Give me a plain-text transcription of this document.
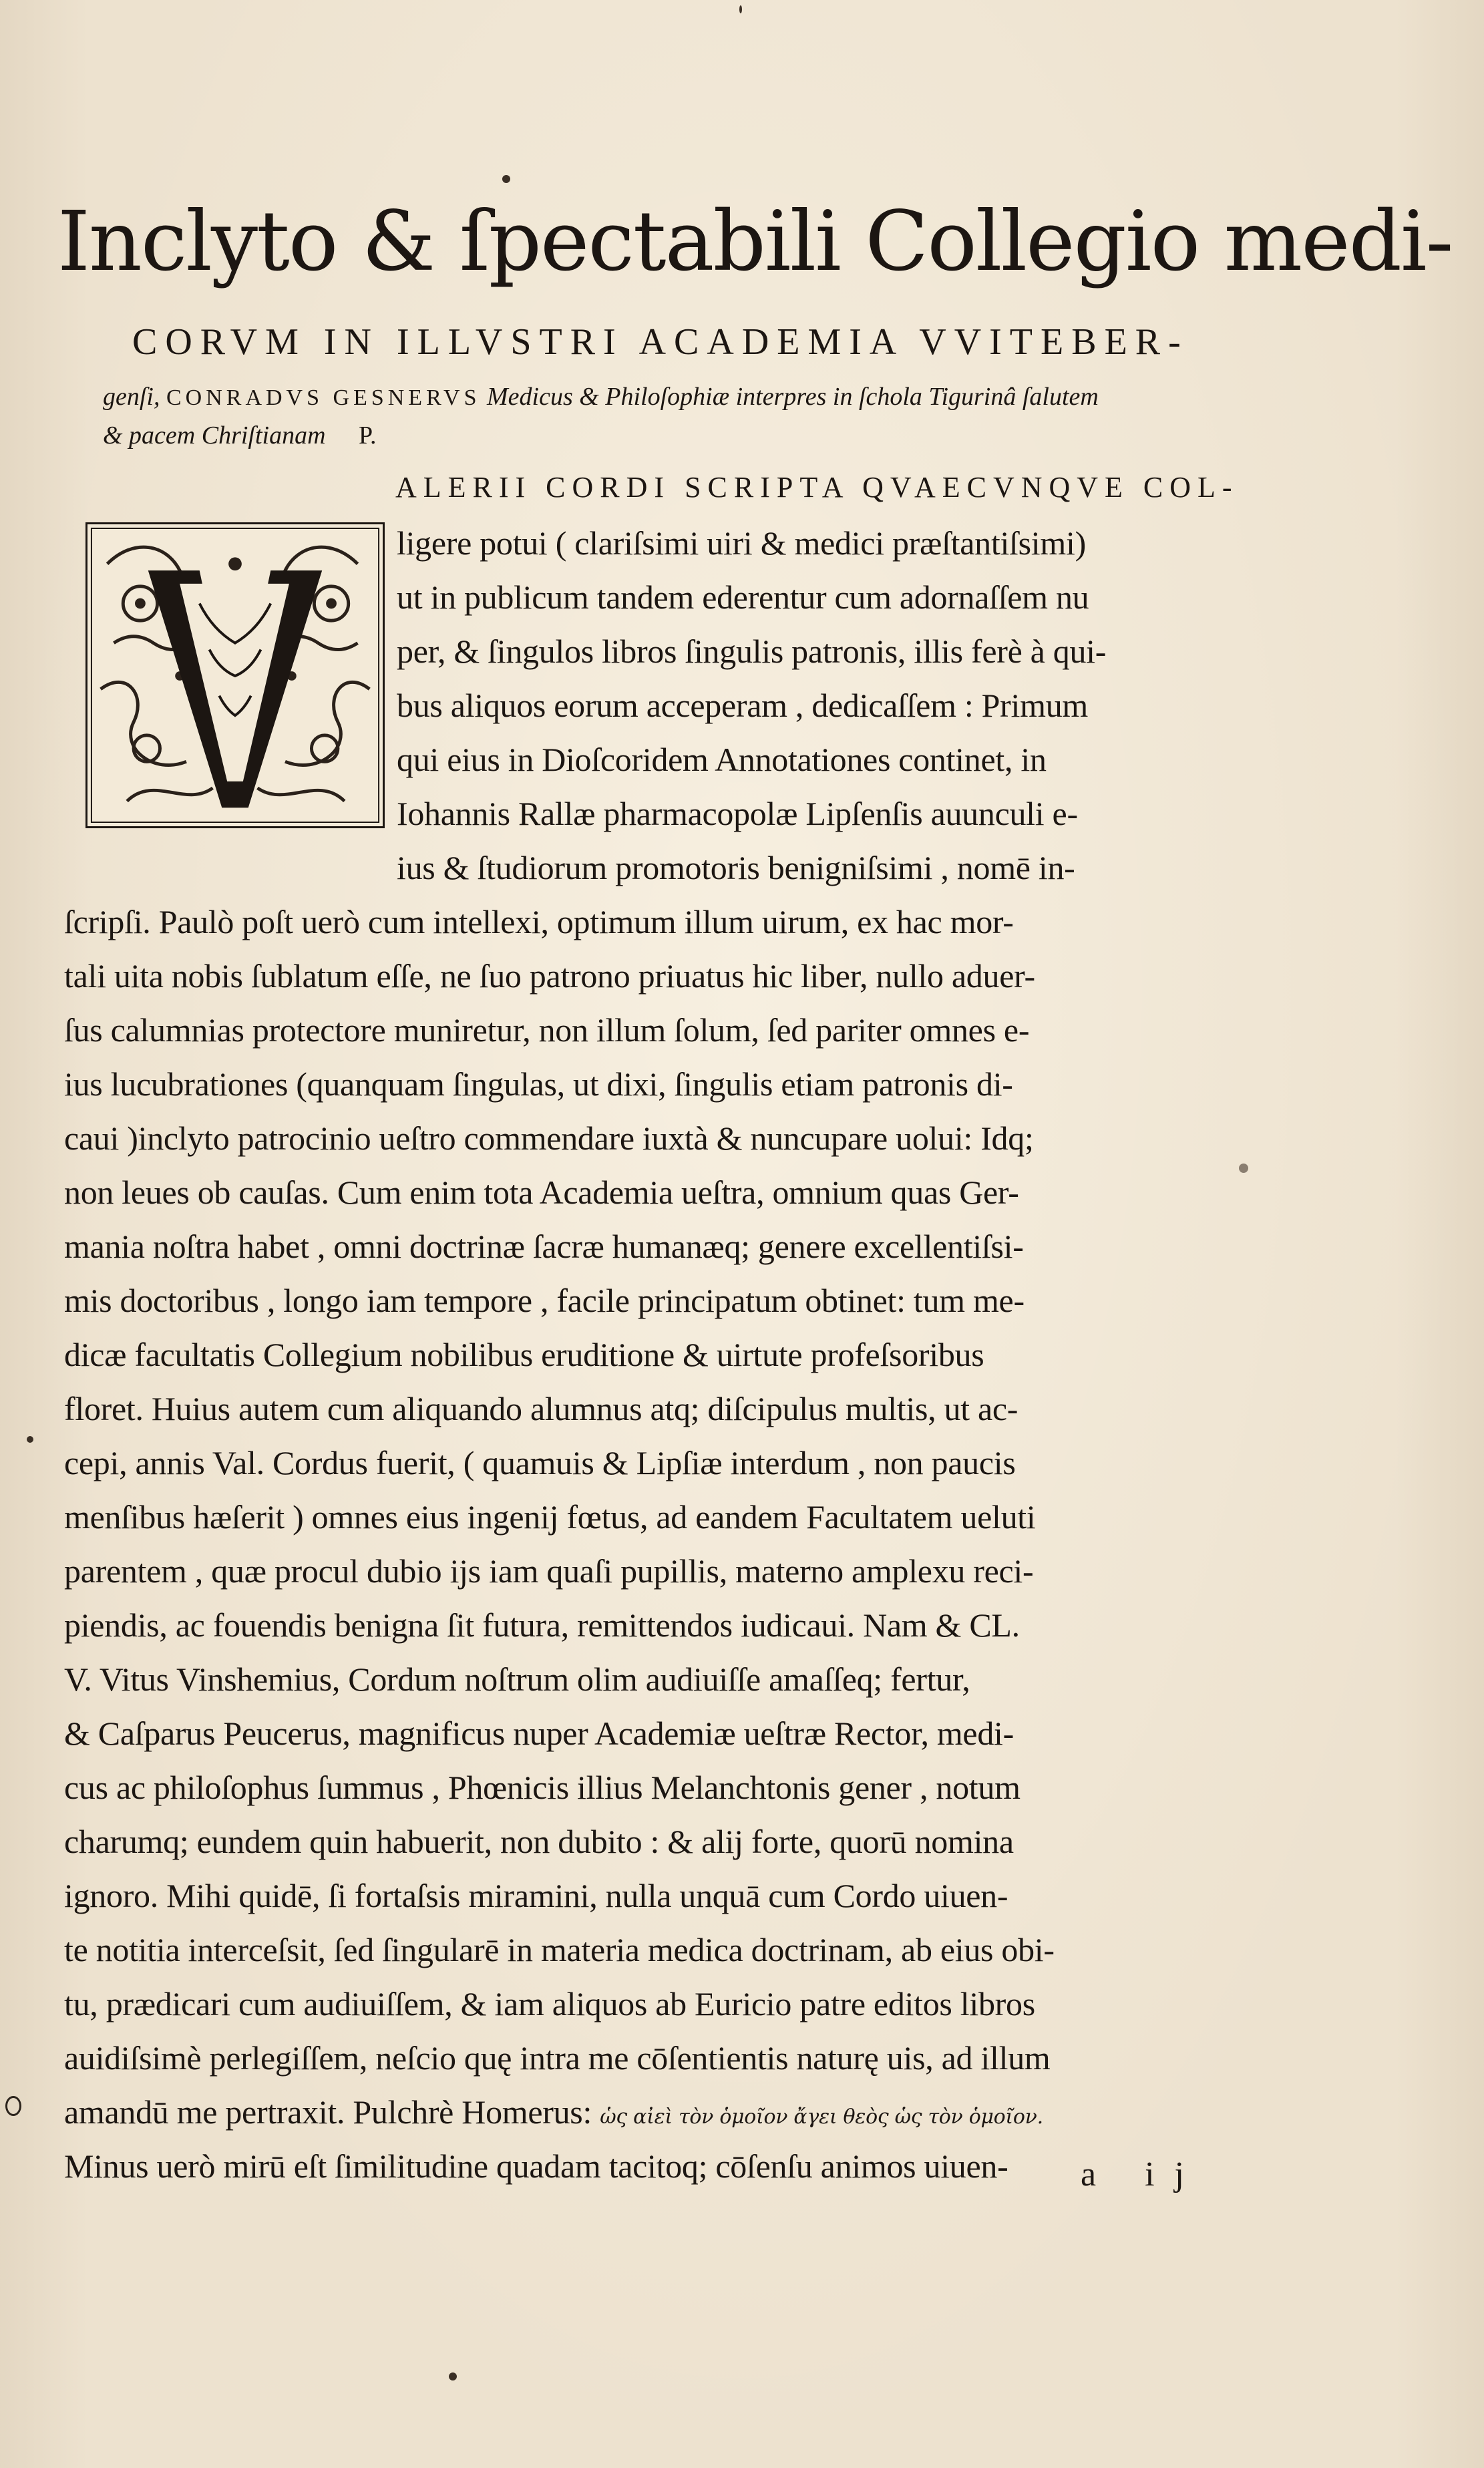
Inclyto & ſpectabili Collegio medi-
CORVM IN ILLVSTRI ACADEMIA VVITEBER-
genſi, CONRADVS GESNERVS Medicus & Philoſophiæ interpres in ſchola Tigurinâ ſalutem
& pacem Chriſtianam P.
V
ALERII CORDI SCRIPTA QVAECVNQVE COL-
ligere potui ( clariſsimi uiri & medici præſtantiſsimi)
ut in publicum tandem ederentur cum adornaſſem nu
per, & ſingulos libros ſingulis patronis, illis ferè à qui-
bus aliquos eorum acceperam , dedicaſſem : Primum
qui eius in Dioſcoridem Annotationes continet, in
Iohannis Rallæ pharmacopolæ Lipſenſis auunculi e-
ius & ſtudiorum promotoris benigniſsimi , nomē in-
ſcripſi. Paulò poſt uerò cum intellexi, optimum illum uirum, ex hac mor-
tali uita nobis ſublatum eſſe, ne ſuo patrono priuatus hic liber, nullo aduer-
ſus calumnias protectore muniretur, non illum ſolum, ſed pariter omnes e-
ius lucubrationes (quanquam ſingulas, ut dixi, ſingulis etiam patronis di-
caui )inclyto patrocinio ueſtro commendare iuxtà & nuncupare uolui: Idq;
non leues ob cauſas. Cum enim tota Academia ueſtra, omnium quas Ger-
mania noſtra habet , omni doctrinæ ſacræ humanæq; genere excellentiſsi-
mis doctoribus , longo iam tempore , facile principatum obtinet: tum me-
dicæ facultatis Collegium nobilibus eruditione & uirtute profeſsoribus
floret. Huius autem cum aliquando alumnus atq; diſcipulus multis, ut ac-
cepi, annis Val. Cordus fuerit, ( quamuis & Lipſiæ interdum , non paucis
menſibus hæſerit ) omnes eius ingenij fœtus, ad eandem Facultatem ueluti
parentem , quæ procul dubio ijs iam quaſi pupillis, materno amplexu reci-
piendis, ac fouendis benigna ſit futura, remittendos iudicaui. Nam & CL.
V. Vitus Vinshemius, Cordum noſtrum olim audiuiſſe amaſſeq; fertur,
& Caſparus Peucerus, magnificus nuper Academiæ ueſtræ Rector, medi-
cus ac philoſophus ſummus , Phœnicis illius Melanchtonis gener , notum
charumq; eundem quin habuerit, non dubito : & alij forte, quorū nomina
ignoro. Mihi quidē, ſi fortaſsis miramini, nulla unquā cum Cordo uiuen-
te notitia interceſsit, ſed ſingularē in materia medica doctrinam, ab eius obi-
tu, prædicari cum audiuiſſem, & iam aliquos ab Euricio patre editos libros
auidiſsimè perlegiſſem, neſcio quę intra me cōſentientis naturę uis, ad illum
amandū me pertraxit. Pulchrè Homerus: ὡς αἰεὶ τὸν ὁμοῖον ἄγει θεὸς ὡς τὸν ὁμοῖον.
Minus uerò mirū eſt ſimilitudine quadam tacitoq; cōſenſu animos uiuen- a ij
